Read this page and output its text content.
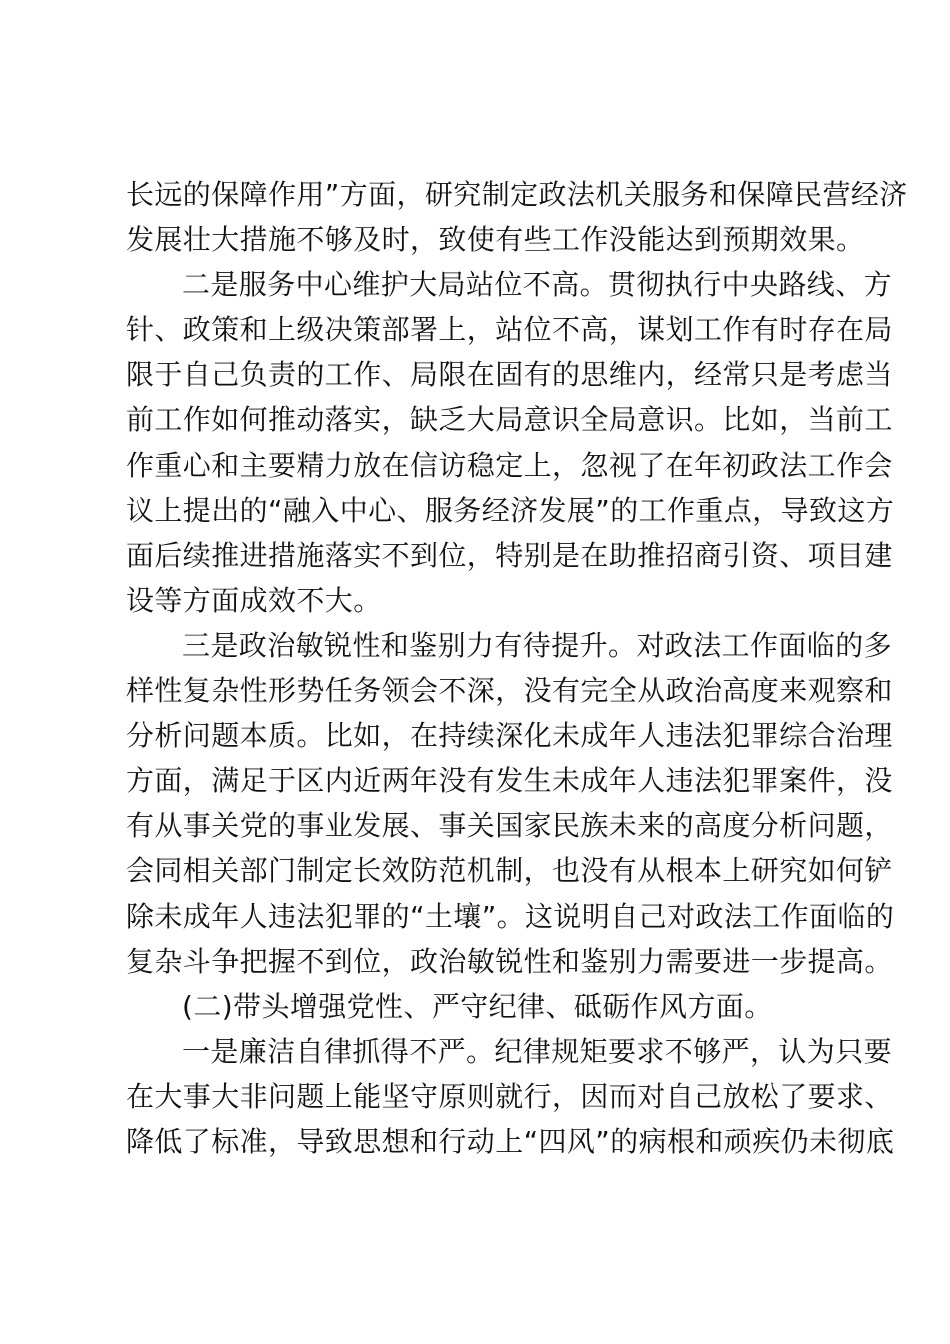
长远的保障作用”方面，研究制定政法机关服务和保障民营经济
发展壮大措施不够及时，致使有些工作没能达到预期效果。
二是服务中心维护大局站位不高。贯彻执行中央路线、方
针、政策和上级决策部署上，站位不高，谋划工作有时存在局
限于自己负责的工作、局限在固有的思维内，经常只是考虑当
前工作如何推动落实，缺乏大局意识全局意识。比如，当前工
作重心和主要精力放在信访稳定上，忽视了在年初政法工作会
议上提出的“融入中心、服务经济发展”的工作重点，导致这方
面后续推进措施落实不到位，特别是在助推招商引资、项目建
设等方面成效不大。
三是政治敏锐性和鉴别力有待提升。对政法工作面临的多
样性复杂性形势任务领会不深，没有完全从政治高度来观察和
分析问题本质。比如，在持续深化未成年人违法犯罪综合治理
方面，满足于区内近两年没有发生未成年人违法犯罪案件，没
有从事关党的事业发展、事关国家民族未来的高度分析问题，
会同相关部门制定长效防范机制，也没有从根本上研究如何铲
除未成年人违法犯罪的“土壤”。这说明自己对政法工作面临的
复杂斗争把握不到位，政治敏锐性和鉴别力需要进一步提高。
(二)带头增强党性、严守纪律、砥砺作风方面。
一是廉洁自律抓得不严。纪律规矩要求不够严，认为只要
在大事大非问题上能坚守原则就行，因而对自己放松了要求、
降低了标准，导致思想和行动上“四风”的病根和顽疾仍未彻底
